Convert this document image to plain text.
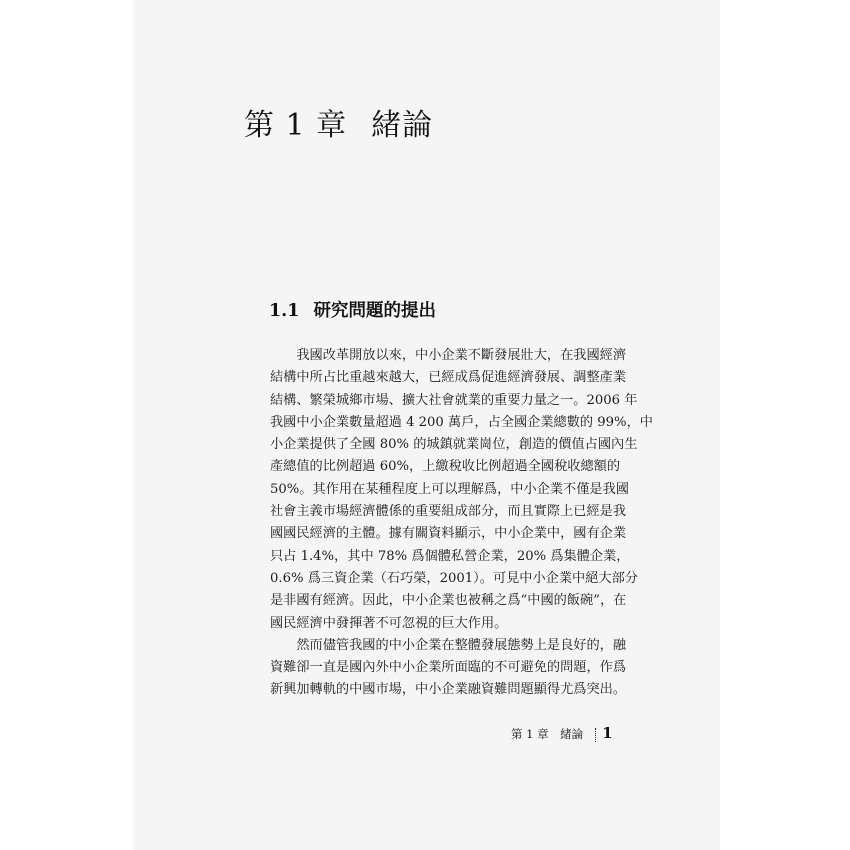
第 1 章 緒論
1.1 研究問題的提出
　　我國改革開放以來，中小企業不斷發展壯大，在我國經濟
結構中所占比重越來越大，已經成爲促進經濟發展、調整產業
結構、繁榮城鄉市場、擴大社會就業的重要力量之一。2006 年
我國中小企業數量超過 4 200 萬戶，占全國企業總數的 99%，中
小企業提供了全國 80% 的城鎮就業崗位，創造的價值占國內生
產總值的比例超過 60%，上繳稅收比例超過全國稅收總額的
50%。其作用在某種程度上可以理解爲，中小企業不僅是我國
社會主義市場經濟體係的重要組成部分，而且實際上已經是我
國國民經濟的主體。據有關資料顯示，中小企業中，國有企業
只占 1.4%，其中 78% 爲個體私營企業，20% 爲集體企業，
0.6% 爲三資企業（石巧榮，2001）。可見中小企業中絕大部分
是非國有經濟。因此，中小企業也被稱之爲“中國的飯碗”，在
國民經濟中發揮著不可忽視的巨大作用。
　　然而儘管我國的中小企業在整體發展態勢上是良好的，融
資難卻一直是國內外中小企業所面臨的不可避免的問題，作爲
新興加轉軌的中國市場，中小企業融資難問題顯得尤爲突出。
第 1 章　緒論 1
